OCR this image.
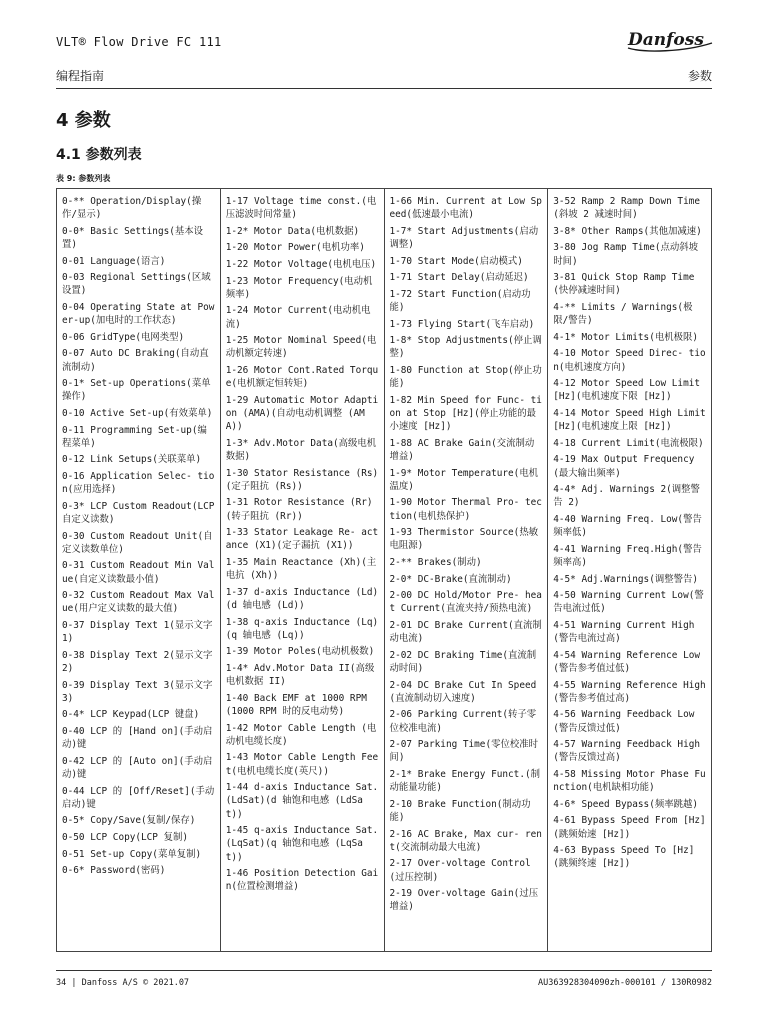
VLT® Flow Drive FC 111	Danfoss
编程指南	参数
4 参数
4.1 参数列表
表 9: 参数列表
0-** Operation/Display(操作/显示)
0-0* Basic Settings(基本设置)
0-01 Language(语言)
0-03 Regional Settings(区域设置)
0-04 Operating State at Power-up(加电时的工作状态)
0-06 GridType(电网类型)
0-07 Auto DC Braking(自动直流制动)
0-1* Set-up Operations(菜单操作)
0-10 Active Set-up(有效菜单)
0-11 Programming Set-up(编程菜单)
0-12 Link Setups(关联菜单)
0-16 Application Selec- tion(应用选择)
0-3* LCP Custom Readout(LCP 自定义读数)
0-30 Custom Readout Unit(自定义读数单位)
0-31 Custom Readout Min Value(自定义读数最小值)
0-32 Custom Readout Max Value(用户定义读数的最大值)
0-37 Display Text 1(显示文字 1)
0-38 Display Text 2(显示文字 2)
0-39 Display Text 3(显示文字 3)
0-4* LCP Keypad(LCP 键盘)
0-40 LCP 的 [Hand on](手动启动)键
0-42 LCP 的 [Auto on](手动启动)键
0-44 LCP 的 [Off/Reset](手动启动)键
0-5* Copy/Save(复制/保存)
0-50 LCP Copy(LCP 复制)
0-51 Set-up Copy(菜单复制)
0-6* Password(密码)
1-17 Voltage time const.(电压滤波时间常量)
1-2* Motor Data(电机数据)
1-20 Motor Power(电机功率)
1-22 Motor Voltage(电机电压)
1-23 Motor Frequency(电动机频率)
1-24 Motor Current(电动机电流)
1-25 Motor Nominal Speed(电动机额定转速)
1-26 Motor Cont.Rated Torque(电机额定恒转矩)
1-29 Automatic Motor Adaption (AMA)(自动电动机调整 (AMA))
1-3* Adv.Motor Data(高级电机数据)
1-30 Stator Resistance (Rs)(定子阻抗 (Rs))
1-31 Rotor Resistance (Rr)(转子阻抗 (Rr))
1-33 Stator Leakage Re- actance (X1)(定子漏抗 (X1))
1-35 Main Reactance (Xh)(主电抗 (Xh))
1-37 d-axis Inductance (Ld)(d 轴电感 (Ld))
1-38 q-axis Inductance (Lq)(q 轴电感 (Lq))
1-39 Motor Poles(电动机极数)
1-4* Adv.Motor Data II(高级电机数据 II)
1-40 Back EMF at 1000 RPM (1000 RPM 时的反电动势)
1-42 Motor Cable Length (电动机电缆长度)
1-43 Motor Cable Length Feet(电机电缆长度(英尺))
1-44 d-axis Inductance Sat. (LdSat)(d 轴饱和电感 (LdSat))
1-45 q-axis Inductance Sat. (LqSat)(q 轴饱和电感 (LqSat))
1-46 Position Detection Gain(位置检测增益)
1-66 Min. Current at Low Speed(低速最小电流)
1-7* Start Adjustments(启动调整)
1-70 Start Mode(启动模式)
1-71 Start Delay(启动延迟)
1-72 Start Function(启动功能)
1-73 Flying Start(飞车启动)
1-8* Stop Adjustments(停止调整)
1-80 Function at Stop(停止功能)
1-82 Min Speed for Func- tion at Stop [Hz](停止功能的最小速度 [Hz])
1-88 AC Brake Gain(交流制动增益)
1-9* Motor Temperature(电机温度)
1-90 Motor Thermal Pro- tection(电机热保护)
1-93 Thermistor Source(热敏电阻源)
2-** Brakes(制动)
2-0* DC-Brake(直流制动)
2-00 DC Hold/Motor Pre- heat Current(直流夹持/预热电流)
2-01 DC Brake Current(直流制动电流)
2-02 DC Braking Time(直流制动时间)
2-04 DC Brake Cut In Speed(直流制动切入速度)
2-06 Parking Current(转子零位校准电流)
2-07 Parking Time(零位校准时间)
2-1* Brake Energy Funct.(制动能量功能)
2-10 Brake Function(制动功能)
2-16 AC Brake, Max cur- rent(交流制动最大电流)
2-17 Over-voltage Control(过压控制)
2-19 Over-voltage Gain(过压增益)
3-52 Ramp 2 Ramp Down Time(斜坡 2 减速时间)
3-8* Other Ramps(其他加减速)
3-80 Jog Ramp Time(点动斜坡时间)
3-81 Quick Stop Ramp Time(快停减速时间)
4-** Limits / Warnings(极限/警告)
4-1* Motor Limits(电机极限)
4-10 Motor Speed Direc- tion(电机速度方向)
4-12 Motor Speed Low Limit [Hz](电机速度下限 [Hz])
4-14 Motor Speed High Limit [Hz](电机速度上限 [Hz])
4-18 Current Limit(电流极限)
4-19 Max Output Frequency(最大输出频率)
4-4* Adj. Warnings 2(调整警告 2)
4-40 Warning Freq. Low(警告频率低)
4-41 Warning Freq.High(警告频率高)
4-5* Adj.Warnings(调整警告)
4-50 Warning Current Low(警告电流过低)
4-51 Warning Current High(警告电流过高)
4-54 Warning Reference Low(警告参考值过低)
4-55 Warning Reference High(警告参考值过高)
4-56 Warning Feedback Low(警告反馈过低)
4-57 Warning Feedback High(警告反馈过高)
4-58 Missing Motor Phase Function(电机缺相功能)
4-6* Speed Bypass(频率跳越)
4-61 Bypass Speed From [Hz](跳频始速 [Hz])
4-63 Bypass Speed To [Hz](跳频终速 [Hz])
34 | Danfoss A/S © 2021.07	AU363928304090zh-000101 / 130R0982
